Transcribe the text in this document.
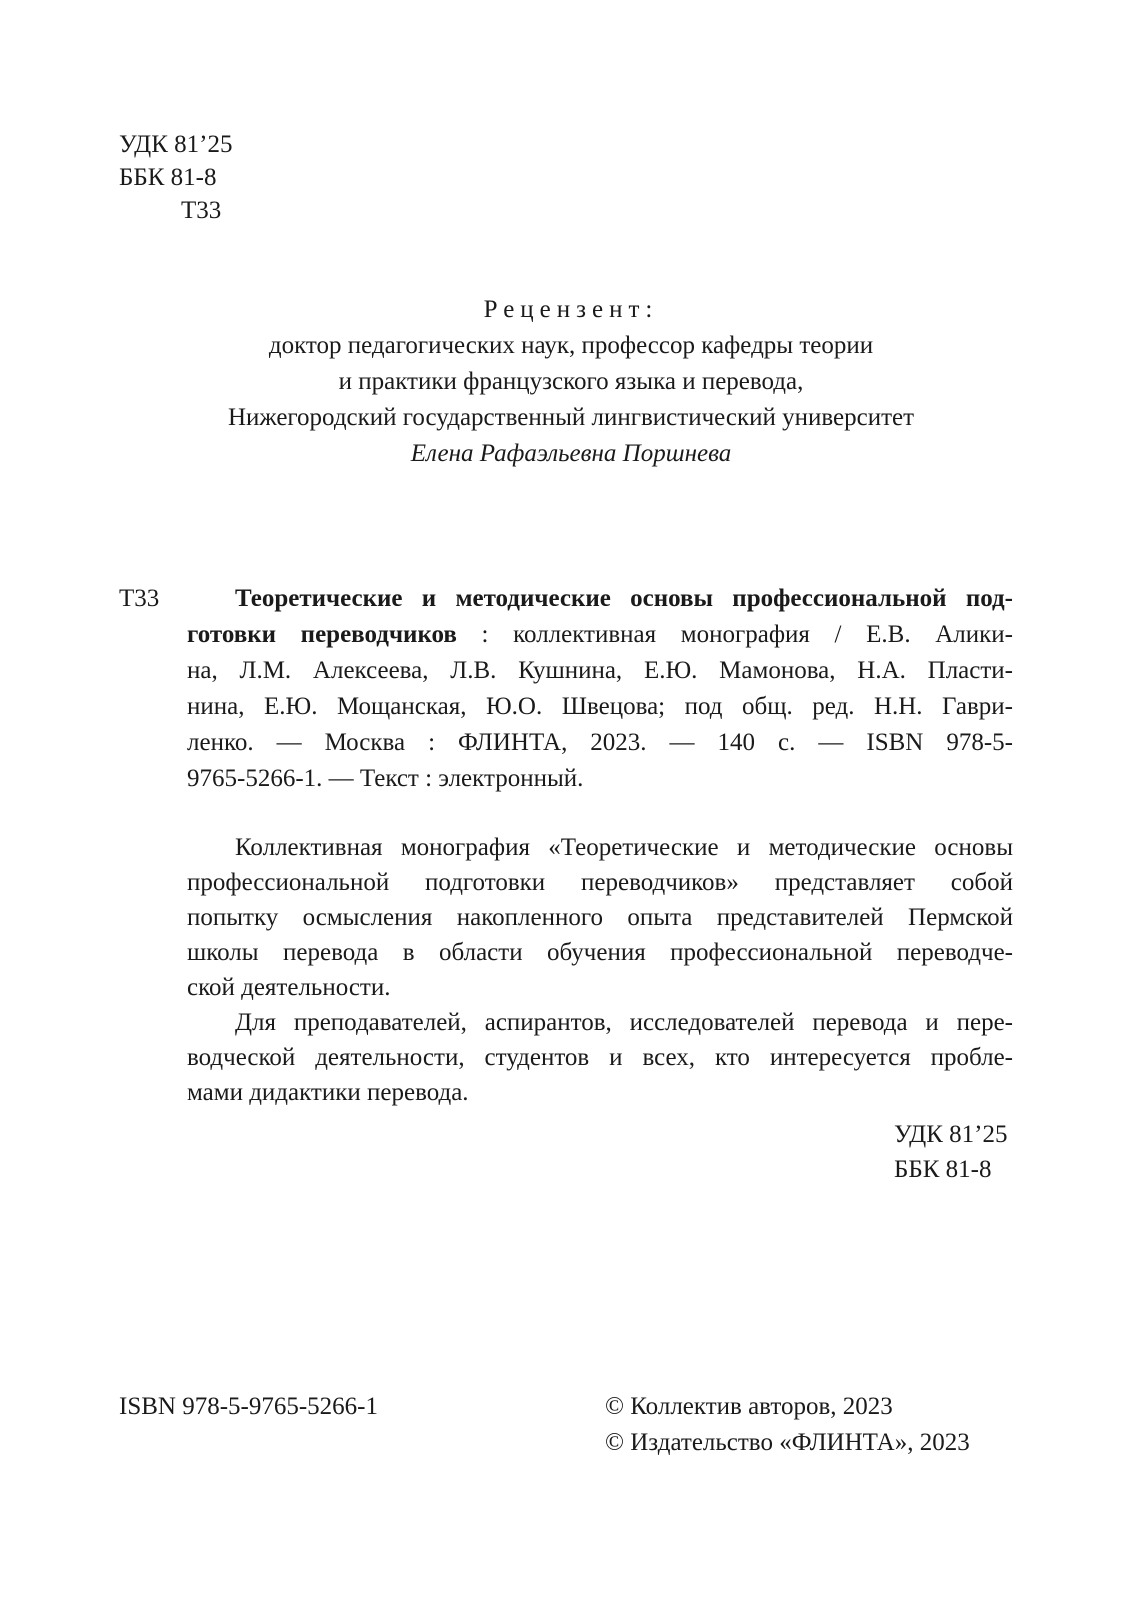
УДК 81’25
ББК 81-8
Т33
Рецензент:
доктор педагогических наук, профессор кафедры теории
и практики французского языка и перевода,
Нижегородский государственный лингвистический университет
Елена Рафаэльевна Поршнева
Т33	Теоретические и методические основы профессиональной под-
готовки переводчиков : коллективная монография / Е.В. Алики-
на, Л.М. Алексеева, Л.В. Кушнина, Е.Ю. Мамонова, Н.А. Пласти-
нина, Е.Ю. Мощанская, Ю.О. Швецова; под общ. ред. Н.Н. Гаври-
ленко. — Москва : ФЛИНТА, 2023. — 140 с. — ISBN 978-5-
9765-5266-1. — Текст : электронный.
Коллективная монография «Теоретические и методические основы
профессиональной подготовки переводчиков» представляет собой
попытку осмысления накопленного опыта представителей Пермской
школы перевода в области обучения профессиональной переводче-
ской деятельности.
Для преподавателей, аспирантов, исследователей перевода и пере-
водческой деятельности, студентов и всех, кто интересуется пробле-
мами дидактики перевода.
УДК 81’25
ББК 81-8
ISBN 978-5-9765-5266-1	© Коллектив авторов, 2023
© Издательство «ФЛИНТА», 2023
